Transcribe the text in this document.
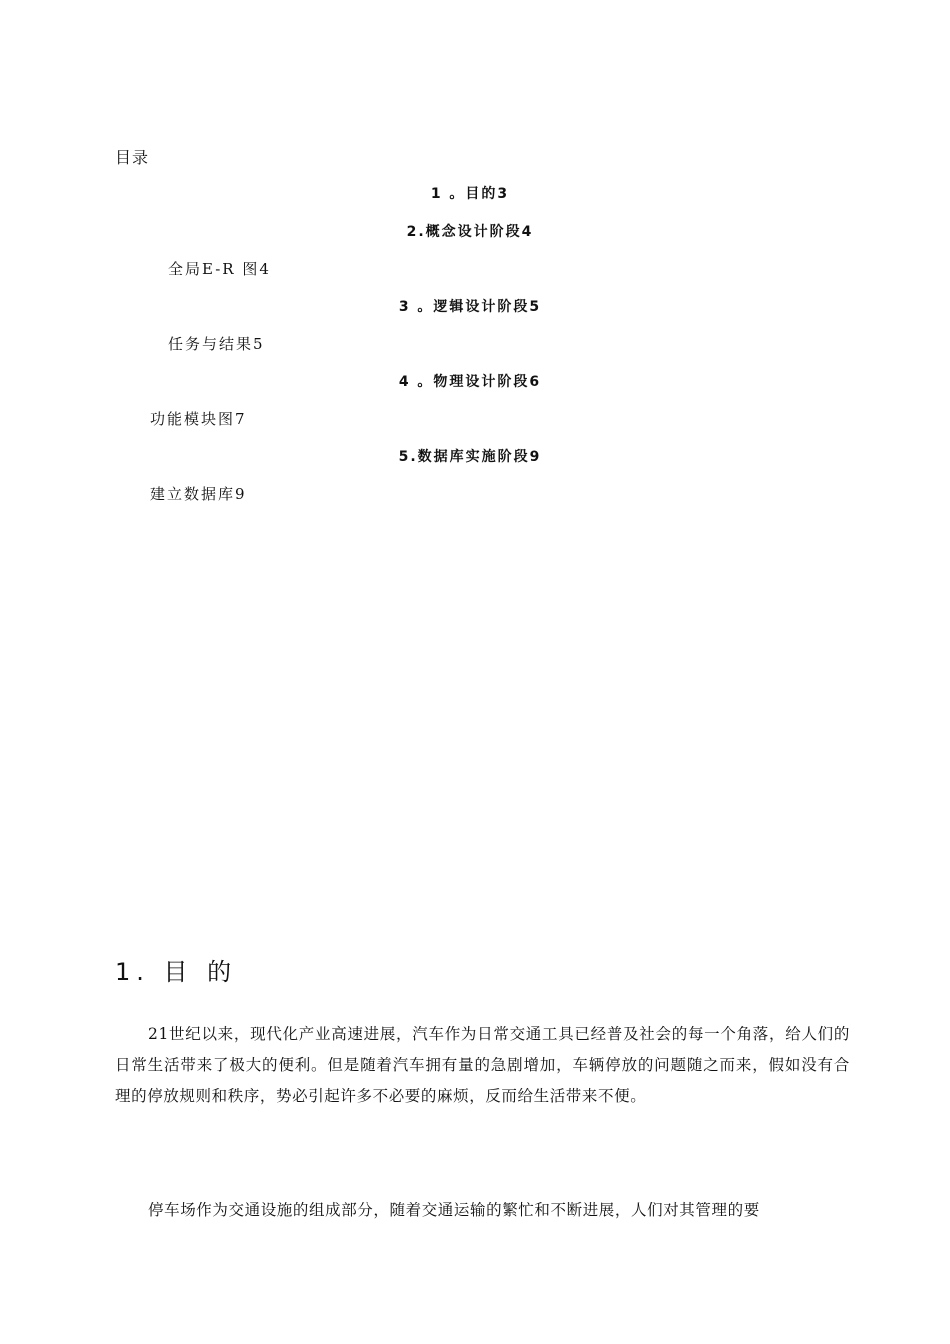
目录
1 。目的3
2.概念设计阶段4
全局E-R 图4
3 。逻辑设计阶段5
任务与结果5
4 。物理设计阶段6
功能模块图7
5.数据库实施阶段9
建立数据库9
1. 目 的

21世纪以来，现代化产业高速进展，汽车作为日常交通工具已经普及社会的每一个角落，给人们的日常生活带来了极大的便利。但是随着汽车拥有量的急剧增加，车辆停放的问题随之而来，假如没有合理的停放规则和秩序，势必引起许多不必要的麻烦，反而给生活带来不便。

停车场作为交通设施的组成部分，随着交通运输的繁忙和不断进展，人们对其管理的要
